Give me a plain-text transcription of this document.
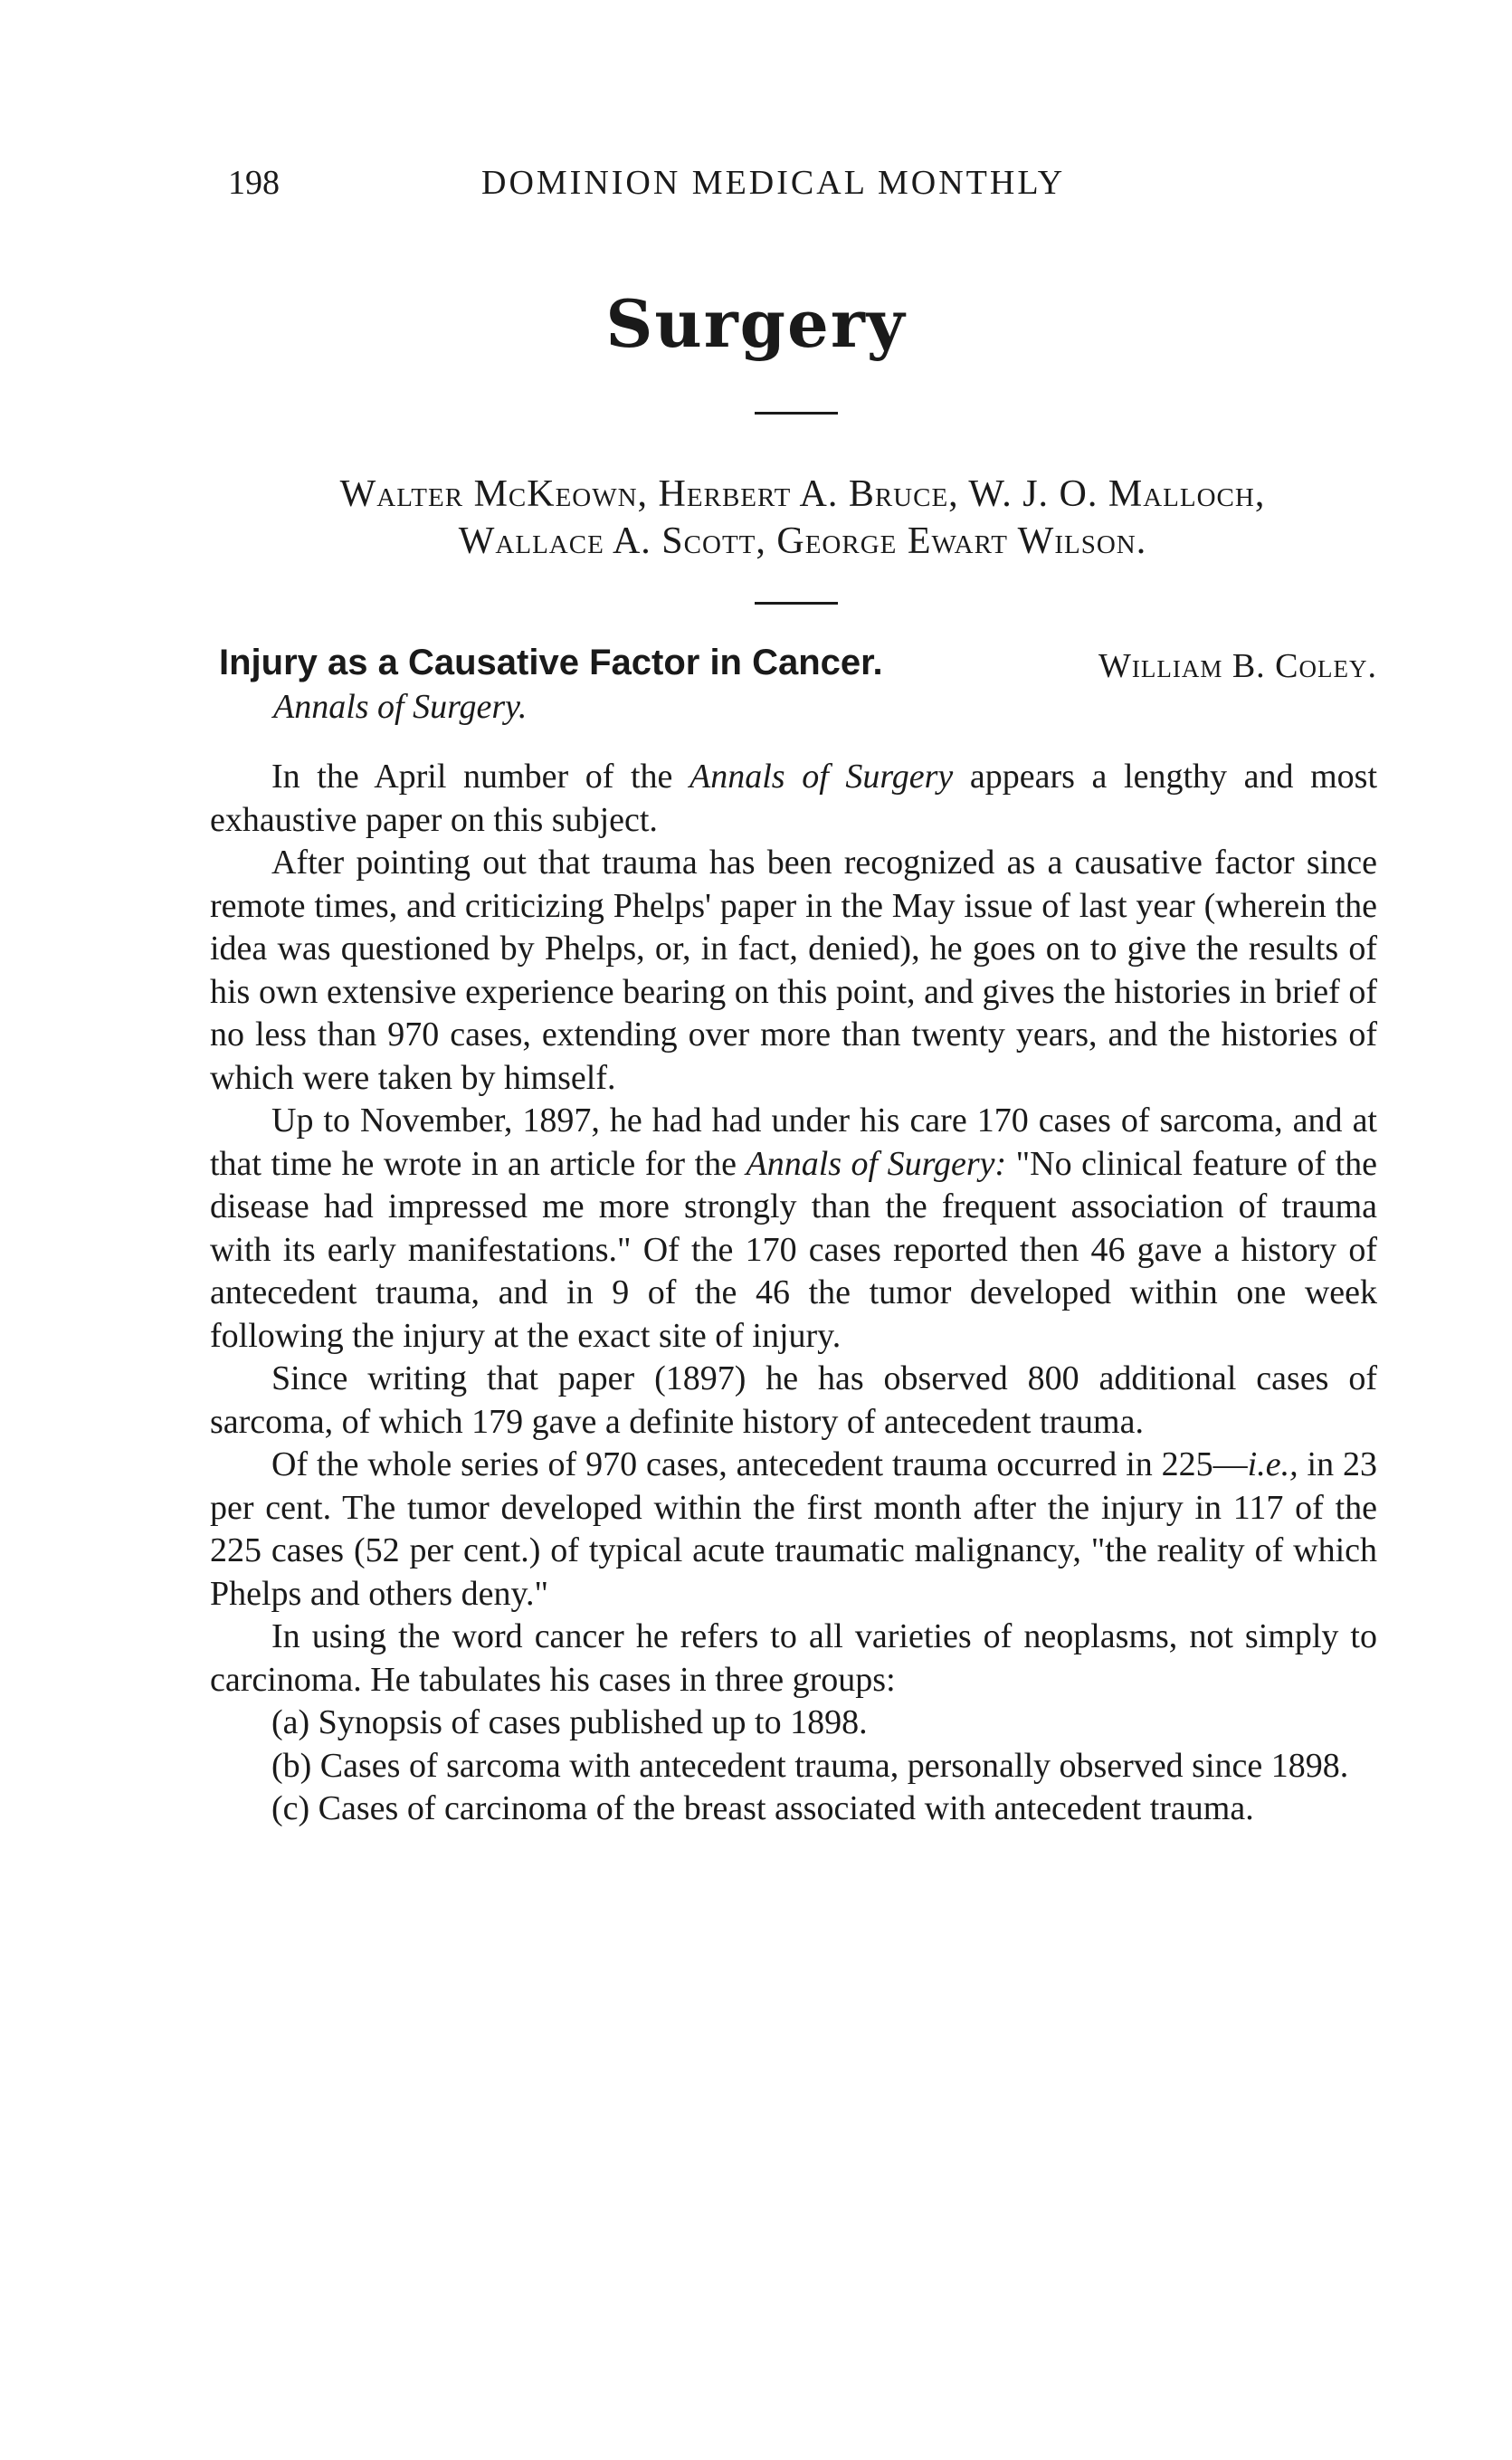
198	DOMINION MEDICAL MONTHLY
Surgery
Walter McKeown, Herbert A. Bruce, W. J. O. Malloch,
Wallace A. Scott, George Ewart Wilson.
Injury as a Causative Factor in Cancer.	William B. Coley.
Annals of Surgery.

In the April number of the Annals of Surgery appears a lengthy and most exhaustive paper on this subject.

After pointing out that trauma has been recognized as a causative factor since remote times, and criticizing Phelps' paper in the May issue of last year (wherein the idea was questioned by Phelps, or, in fact, denied), he goes on to give the results of his own extensive experience bearing on this point, and gives the histories in brief of no less than 970 cases, extending over more than twenty years, and the histories of which were taken by himself.

Up to November, 1897, he had had under his care 170 cases of sarcoma, and at that time he wrote in an article for the Annals of Surgery: "No clinical feature of the disease had impressed me more strongly than the frequent association of trauma with its early manifestations." Of the 170 cases reported then 46 gave a history of antecedent trauma, and in 9 of the 46 the tumor developed within one week following the injury at the exact site of injury.

Since writing that paper (1897) he has observed 800 additional cases of sarcoma, of which 179 gave a definite history of antecedent trauma.

Of the whole series of 970 cases, antecedent trauma occurred in 225—i.e., in 23 per cent. The tumor developed within the first month after the injury in 117 of the 225 cases (52 per cent.) of typical acute traumatic malignancy, "the reality of which Phelps and others deny."

In using the word cancer he refers to all varieties of neoplasms, not simply to carcinoma. He tabulates his cases in three groups:

(a) Synopsis of cases published up to 1898.

(b) Cases of sarcoma with antecedent trauma, personally observed since 1898.

(c) Cases of carcinoma of the breast associated with antecedent trauma.
